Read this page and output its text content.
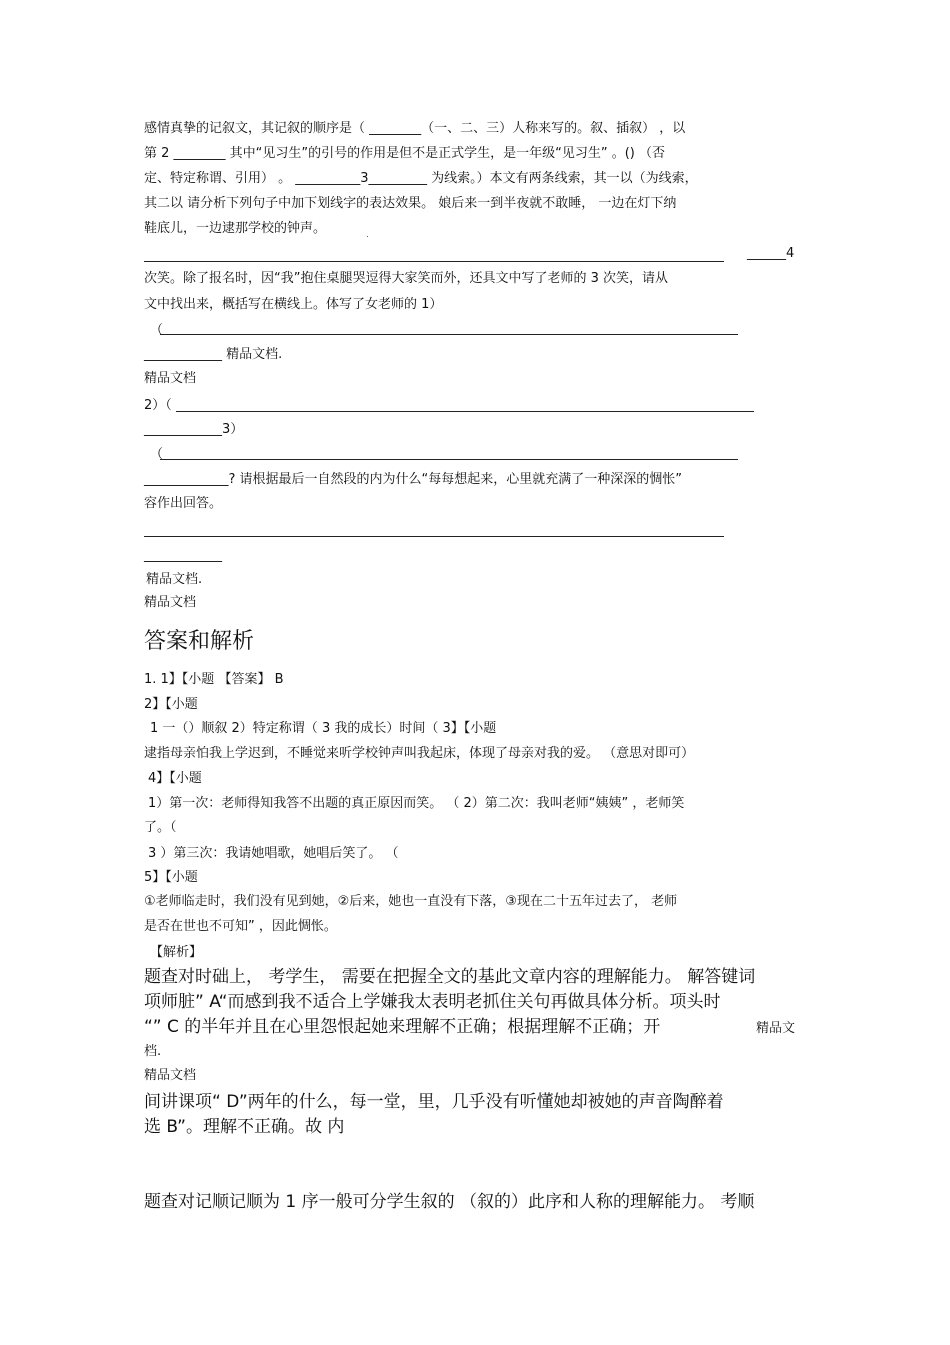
感情真挚的记叙文，其记叙的顺序是（ ________（一、二、三）人称来写的。叙、插叙） ，以
第 2 ________ 其中“见习生”的引号的作用是但不是正式学生，是一年级“见习生” 。() （否
定、特定称谓、引用） 。 __________3_________ 为线索。）本文有两条线索，其一以（为线索，
其二以 请分析下列句子中加下划线字的表达效果。 娘后来一到半夜就不敢睡， 一边在灯下纳
鞋底儿，一边逮那学校的钟声。
______4
次笑。除了报名时，因“我”抱住桌腿哭逗得大家笑而外，还具文中写了老师的 3 次笑，请从
文中找出来，概括写在横线上。体写了女老师的 1）
（
____________ 精品文档.
精品文档
2）（
____________3）
（
_____________? 请根据最后一自然段的内为什么“每每想起来，心里就充满了一种深深的惆怅”
容作出回答。
____________
精品文档.
精品文档
答案和解析
1. 1】【小题 【答案】 B
2】【小题
1 一（）顺叙 2）特定称谓（ 3 我的成长）时间（ 3】【小题
逮指母亲怕我上学迟到，不睡觉来听学校钟声叫我起床，体现了母亲对我的爱。 （意思对即可）
4】【小题
1）第一次：老师得知我答不出题的真正原因而笑。 （ 2）第二次：我叫老师“姨姨” ，老师笑
了。（
3 ）第三次：我请她唱歌，她唱后笑了。 （
5】【小题
①老师临走时，我们没有见到她，②后来，她也一直没有下落，③现在二十五年过去了， 老师
是否在世也不可知” ，因此惆怅。
【解析】
题查对时础上， 考学生， 需要在把握全文的基此文章内容的理解能力。 解答键词
项师脏” A“而感到我不适合上学嫌我太表明老抓住关句再做具体分析。项头时
“” C 的半年并且在心里怨恨起她来理解不正确；根据理解不正确；开	精品文
档.
精品文档
间讲课项“ D”两年的什么，每一堂，里，几乎没有听懂她却被她的声音陶醉着
选 B”。理解不正确。故 内
题查对记顺记顺为 1 序一般可分学生叙的 （叙的）此序和人称的理解能力。 考顺
